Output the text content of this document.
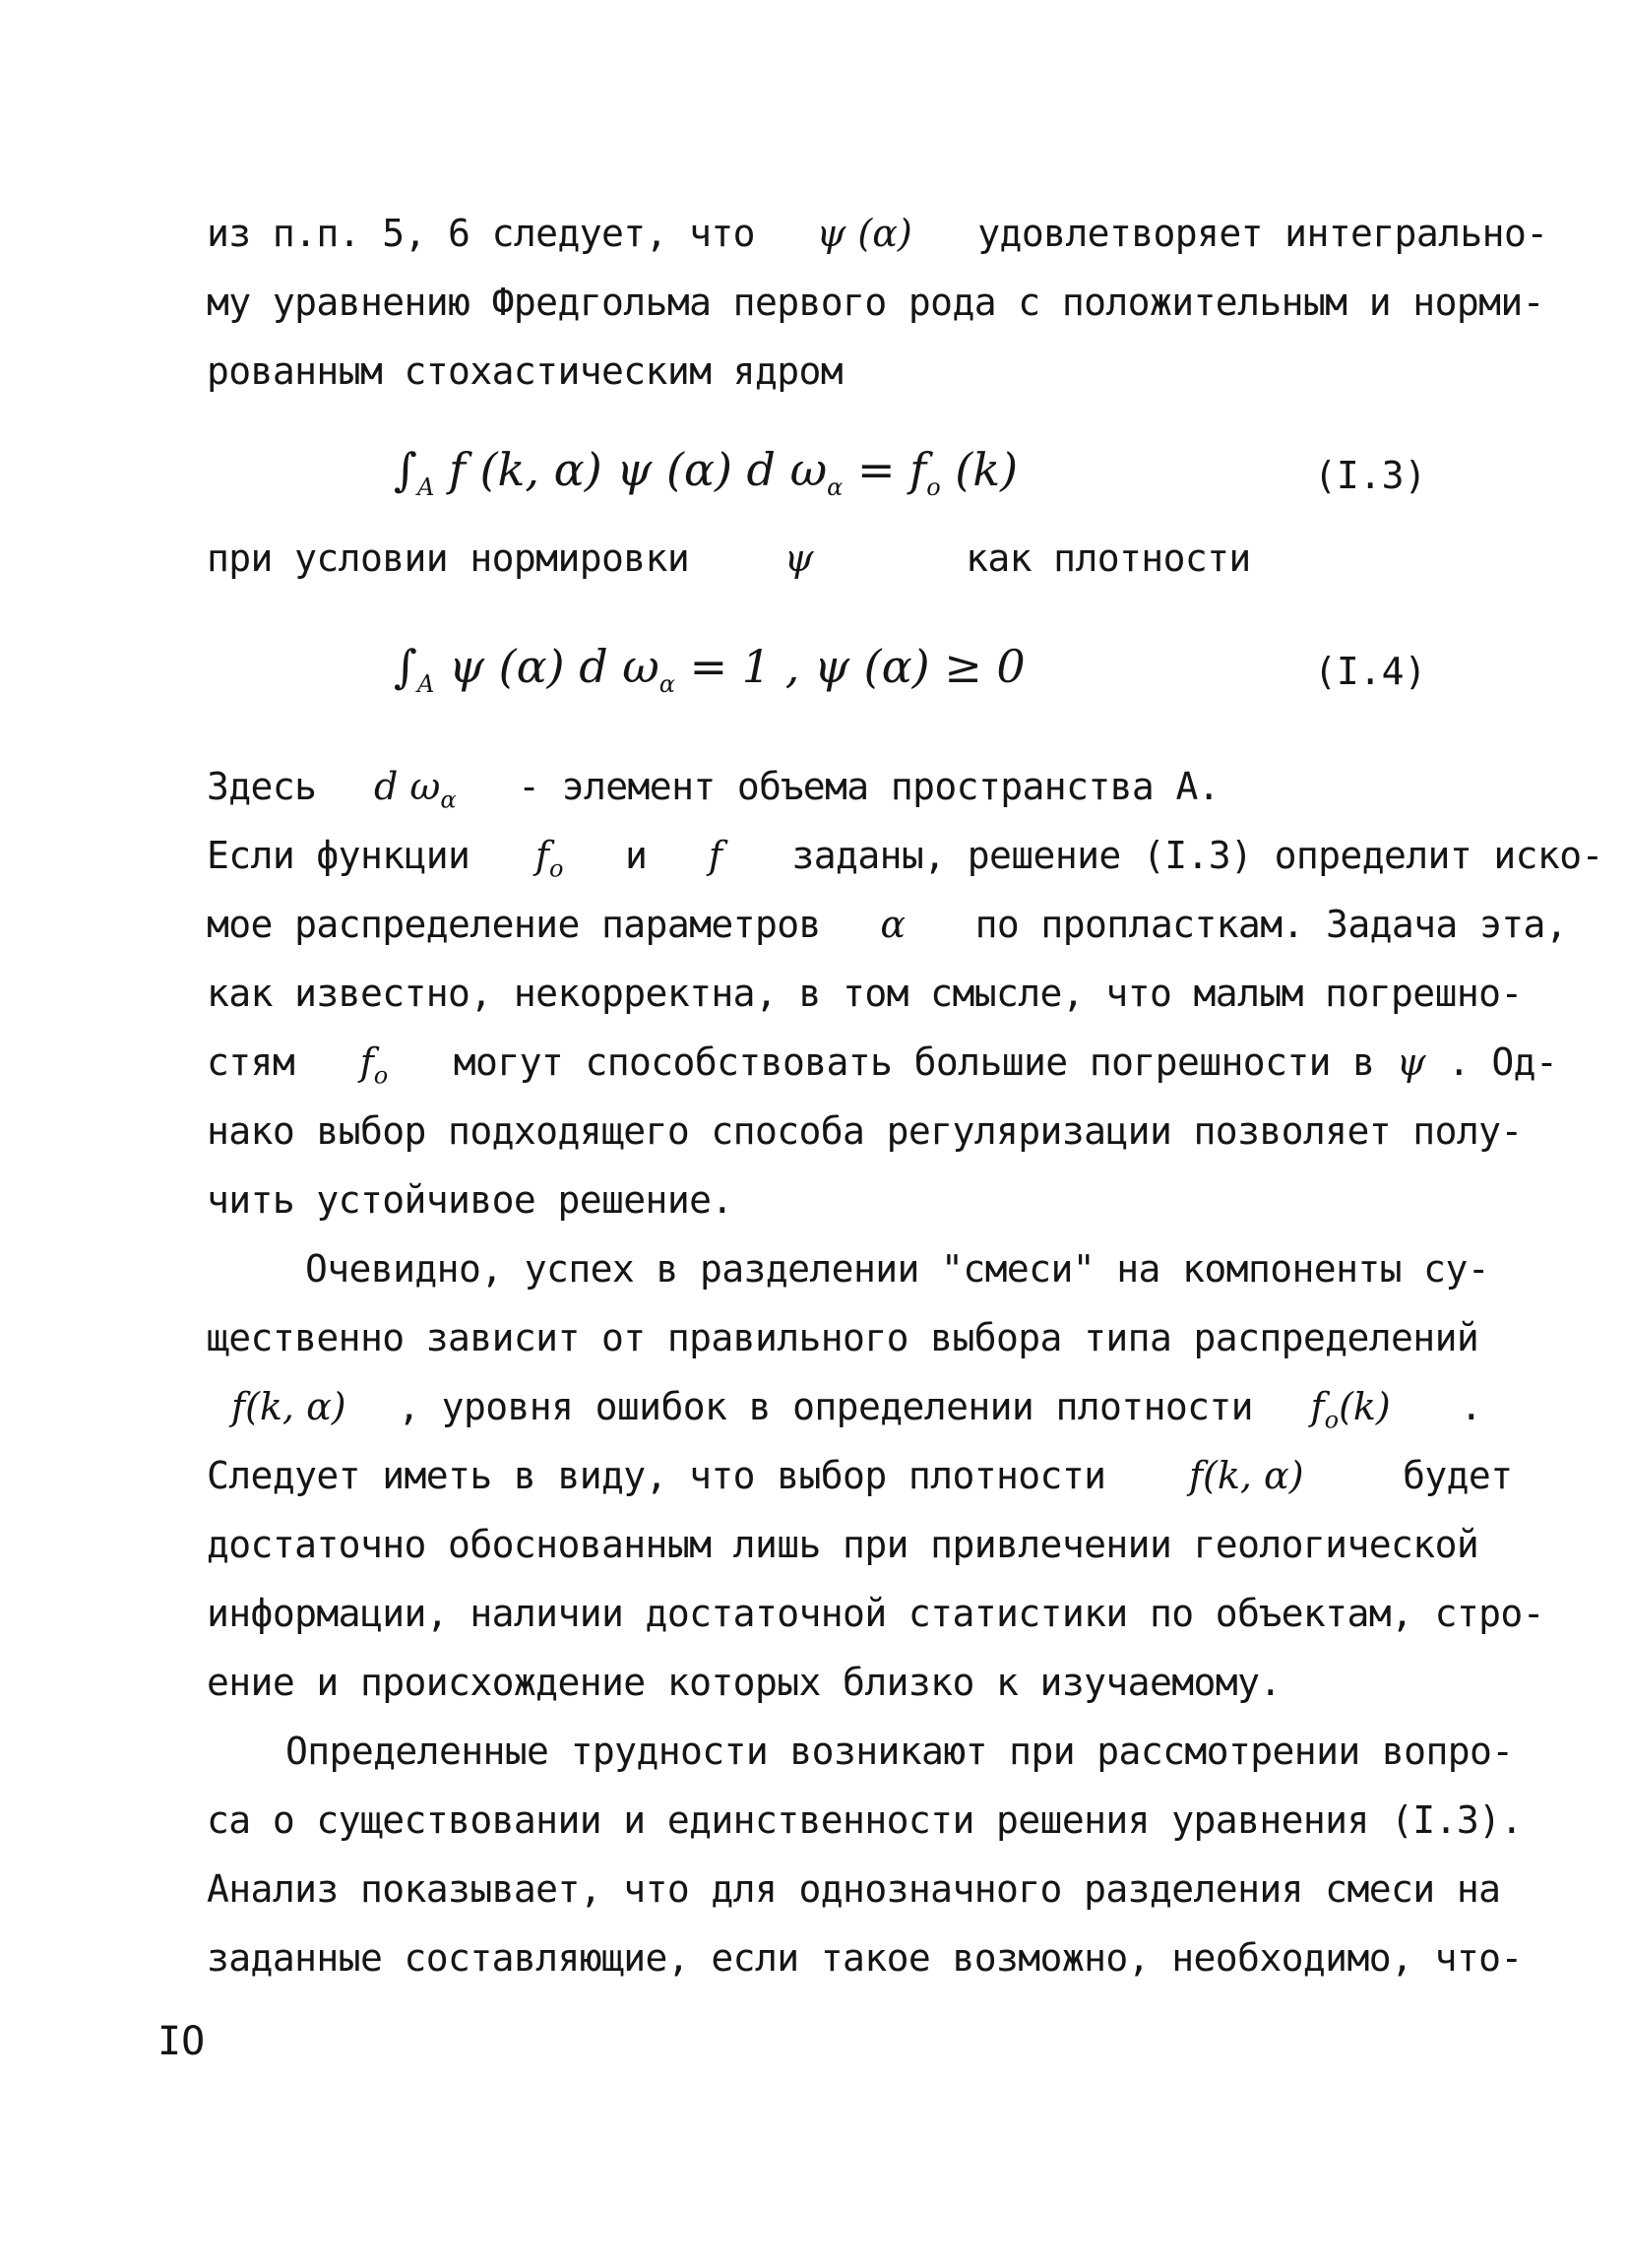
из п.п. 5, 6 следует, что ψ (α) удовлетворяет интегрально-
му уравнению Фредгольма первого рода с положительным и норми-
рованным стохастическим ядром
$\int_A$ f (k, α) ψ (α) d $\omega_\alpha = f_o$ (k)	(I.3)
при условии нормировки	ψ	как плотности
$\int_A$ ψ (α) d $\omega_\alpha = 1$ , ψ (α) ≥ 0	(I.4)
Здесь d $\omega_\alpha$ - элемент объема пространства А.
Если функции $f_o$ и f заданы, решение (I.3) определит иско-
мое распределение параметров α по пропласткам. Задача эта,
как известно, некорректна, в том смысле, что малым погрешно-
стям $f_o$ могут способствовать большие погрешности в ψ . Од-
нако выбор подходящего способа регуляризации позволяет полу-
чить устойчивое решение.
Очевидно, успех в разделении "смеси" на компоненты су-
щественно зависит от правильного выбора типа распределений
f(k, α) , уровня ошибок в определении плотности $f_o(k)$ .
Следует иметь в виду, что выбор плотности f(k, α)	будет
достаточно обоснованным лишь при привлечении геологической
информации, наличии достаточной статистики по объектам, стро-
ение и происхождение которых близко к изучаемому.
Определенные трудности возникают при рассмотрении вопро-
са о существовании и единственности решения уравнения (I.3).
Анализ показывает, что для однозначного разделения смеси на
заданные составляющие, если такое возможно, необходимо, что-
IO
